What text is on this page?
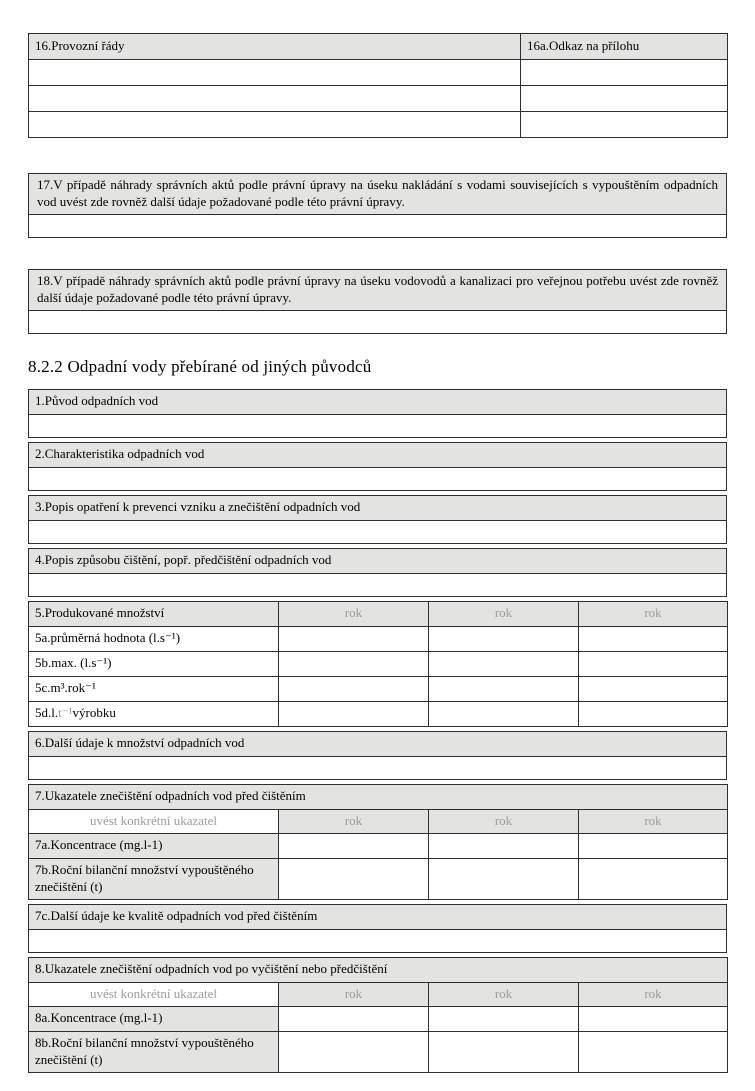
16.Provozní řády	16a.Odkaz na přílohu

17.V případě náhrady správních aktů podle právní úpravy na úseku nakládání s vodami souvisejících s vypouštěním odpadních vod uvést zde rovněž další údaje požadované podle této právní úpravy.

18.V případě náhrady správních aktů podle právní úpravy na úseku vodovodů a kanalizaci pro veřejnou potřebu uvést zde rovněž další údaje požadované podle této právní úpravy.

8.2.2 Odpadní vody přebírané od jiných původců
1.Původ odpadních vod

2.Charakteristika odpadních vod

3.Popis opatření k prevenci vzniku a znečištění odpadních vod

4.Popis způsobu čištění, popř. předčištění odpadních vod

5.Produkované množství	rok	rok	rok
5a.průměrná hodnota (l.s⁻¹)			
5b.max. (l.s⁻¹)			
5c.m³.rok⁻¹			
5d.l.t⁻¹výrobku			
6.Další údaje k množství odpadních vod

7.Ukazatele znečištění odpadních vod před čištěním			
uvést konkrétní ukazatel	rok	rok	rok
7a.Koncentrace (mg.l-1)			
7b.Roční bilanční množství vypouštěného znečištění (t)			
7c.Další údaje ke kvalitě odpadních vod před čištěním

8.Ukazatele znečištění odpadních vod po vyčištění nebo předčištění			
uvést konkrétní ukazatel	rok	rok	rok
8a.Koncentrace (mg.l-1)			
8b.Roční bilanční množství vypouštěného znečištění (t)			
